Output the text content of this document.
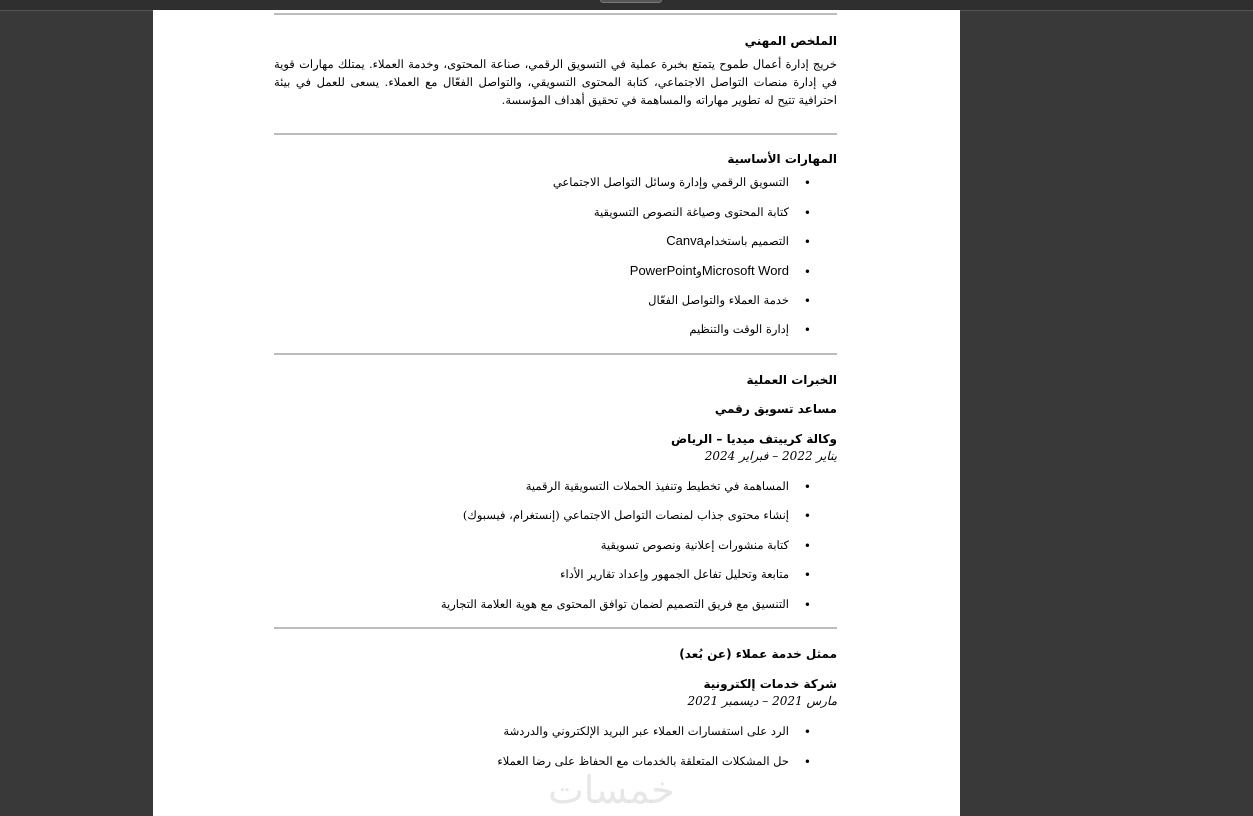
الملخص المهني

خريج إدارة أعمال طموح يتمتع بخبرة عملية في التسويق الرقمي، صناعة المحتوى، وخدمة العملاء. يمتلك مهارات قوية في إدارة منصات التواصل الاجتماعي، كتابة المحتوى التسويقي، والتواصل الفعّال مع العملاء. يسعى للعمل في بيئة احترافية تتيح له تطوير مهاراته والمساهمة في تحقيق أهداف المؤسسة.

المهارات الأساسية
• التسويق الرقمي وإدارة وسائل التواصل الاجتماعي
• كتابة المحتوى وصياغة النصوص التسويقية
• التصميم باستخدامCanva
• Microsoft WordوPowerPoint
• خدمة العملاء والتواصل الفعّال
• إدارة الوقت والتنظيم
الخبرات العملية

مساعد تسويق رقمي

وكالة كرييتف ميديا – الرياض

يناير 2022 – فبراير 2024

• المساهمة في تخطيط وتنفيذ الحملات التسويقية الرقمية
• إنشاء محتوى جذاب لمنصات التواصل الاجتماعي (إنستغرام، فيسبوك)
• كتابة منشورات إعلانية ونصوص تسويقية
• متابعة وتحليل تفاعل الجمهور وإعداد تقارير الأداء
• التنسيق مع فريق التصميم لضمان توافق المحتوى مع هوية العلامة التجارية

ممثل خدمة عملاء (عن بُعد)

شركة خدمات إلكترونية

مارس 2021 – ديسمبر 2021

• الرد على استفسارات العملاء عبر البريد الإلكتروني والدردشة
• حل المشكلات المتعلقة بالخدمات مع الحفاظ على رضا العملاء
خمسات
